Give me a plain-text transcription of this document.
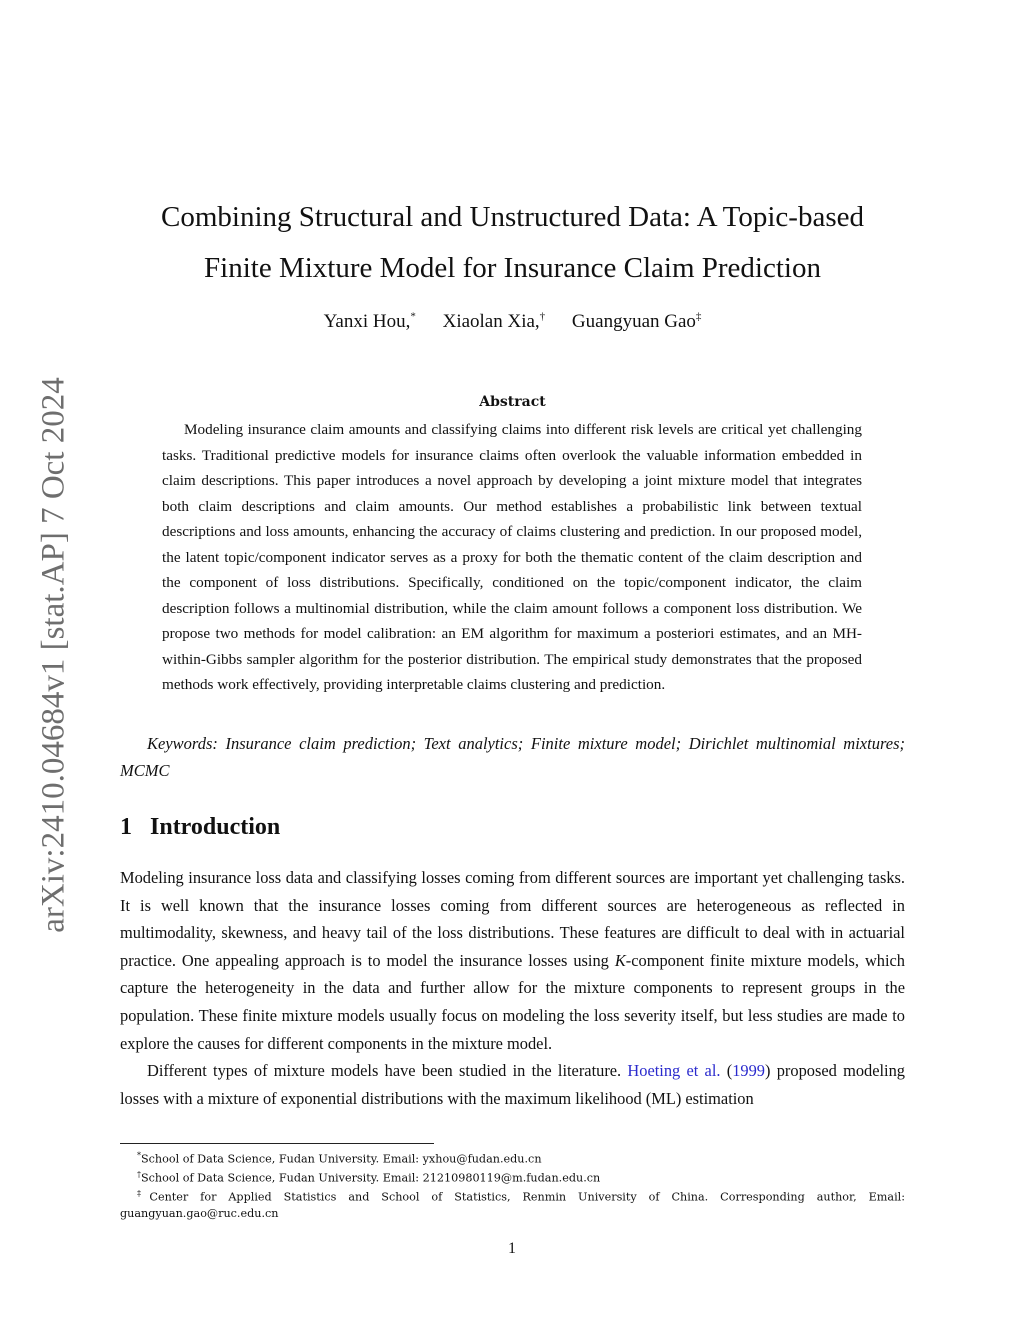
arXiv:2410.04684v1 [stat.AP] 7 Oct 2024
Combining Structural and Unstructured Data: A Topic-based
Finite Mixture Model for Insurance Claim Prediction
Yanxi Hou,* Xiaolan Xia,† Guangyuan Gao‡
Abstract

Modeling insurance claim amounts and classifying claims into different risk levels are critical yet challenging tasks. Traditional predictive models for insurance claims often overlook the valuable information embedded in claim descriptions. This paper introduces a novel approach by developing a joint mixture model that integrates both claim descriptions and claim amounts. Our method establishes a probabilistic link between textual descriptions and loss amounts, enhancing the accuracy of claims clustering and prediction. In our proposed model, the latent topic/component indicator serves as a proxy for both the thematic content of the claim description and the component of loss distributions. Specifically, conditioned on the topic/component indicator, the claim description follows a multinomial distribution, while the claim amount follows a component loss distribution. We propose two methods for model calibration: an EM algorithm for maximum a posteriori estimates, and an MH-within-Gibbs sampler algorithm for the posterior distribution. The empirical study demonstrates that the proposed methods work effectively, providing interpretable claims clustering and prediction.

Keywords: Insurance claim prediction; Text analytics; Finite mixture model; Dirichlet multinomial mixtures; MCMC

1 Introduction

Modeling insurance loss data and classifying losses coming from different sources are important yet challenging tasks. It is well known that the insurance losses coming from different sources are heterogeneous as reflected in multimodality, skewness, and heavy tail of the loss distributions. These features are difficult to deal with in actuarial practice. One appealing approach is to model the insurance losses using K-component finite mixture models, which capture the heterogeneity in the data and further allow for the mixture components to represent groups in the population. These finite mixture models usually focus on modeling the loss severity itself, but less studies are made to explore the causes for different components in the mixture model.

Different types of mixture models have been studied in the literature. Hoeting et al. (1999) proposed modeling losses with a mixture of exponential distributions with the maximum likelihood (ML) estimation

*School of Data Science, Fudan University. Email: yxhou@fudan.edu.cn
†School of Data Science, Fudan University. Email: 21210980119@m.fudan.edu.cn
‡Center for Applied Statistics and School of Statistics, Renmin University of China. Corresponding author, Email: guangyuan.gao@ruc.edu.cn
1
